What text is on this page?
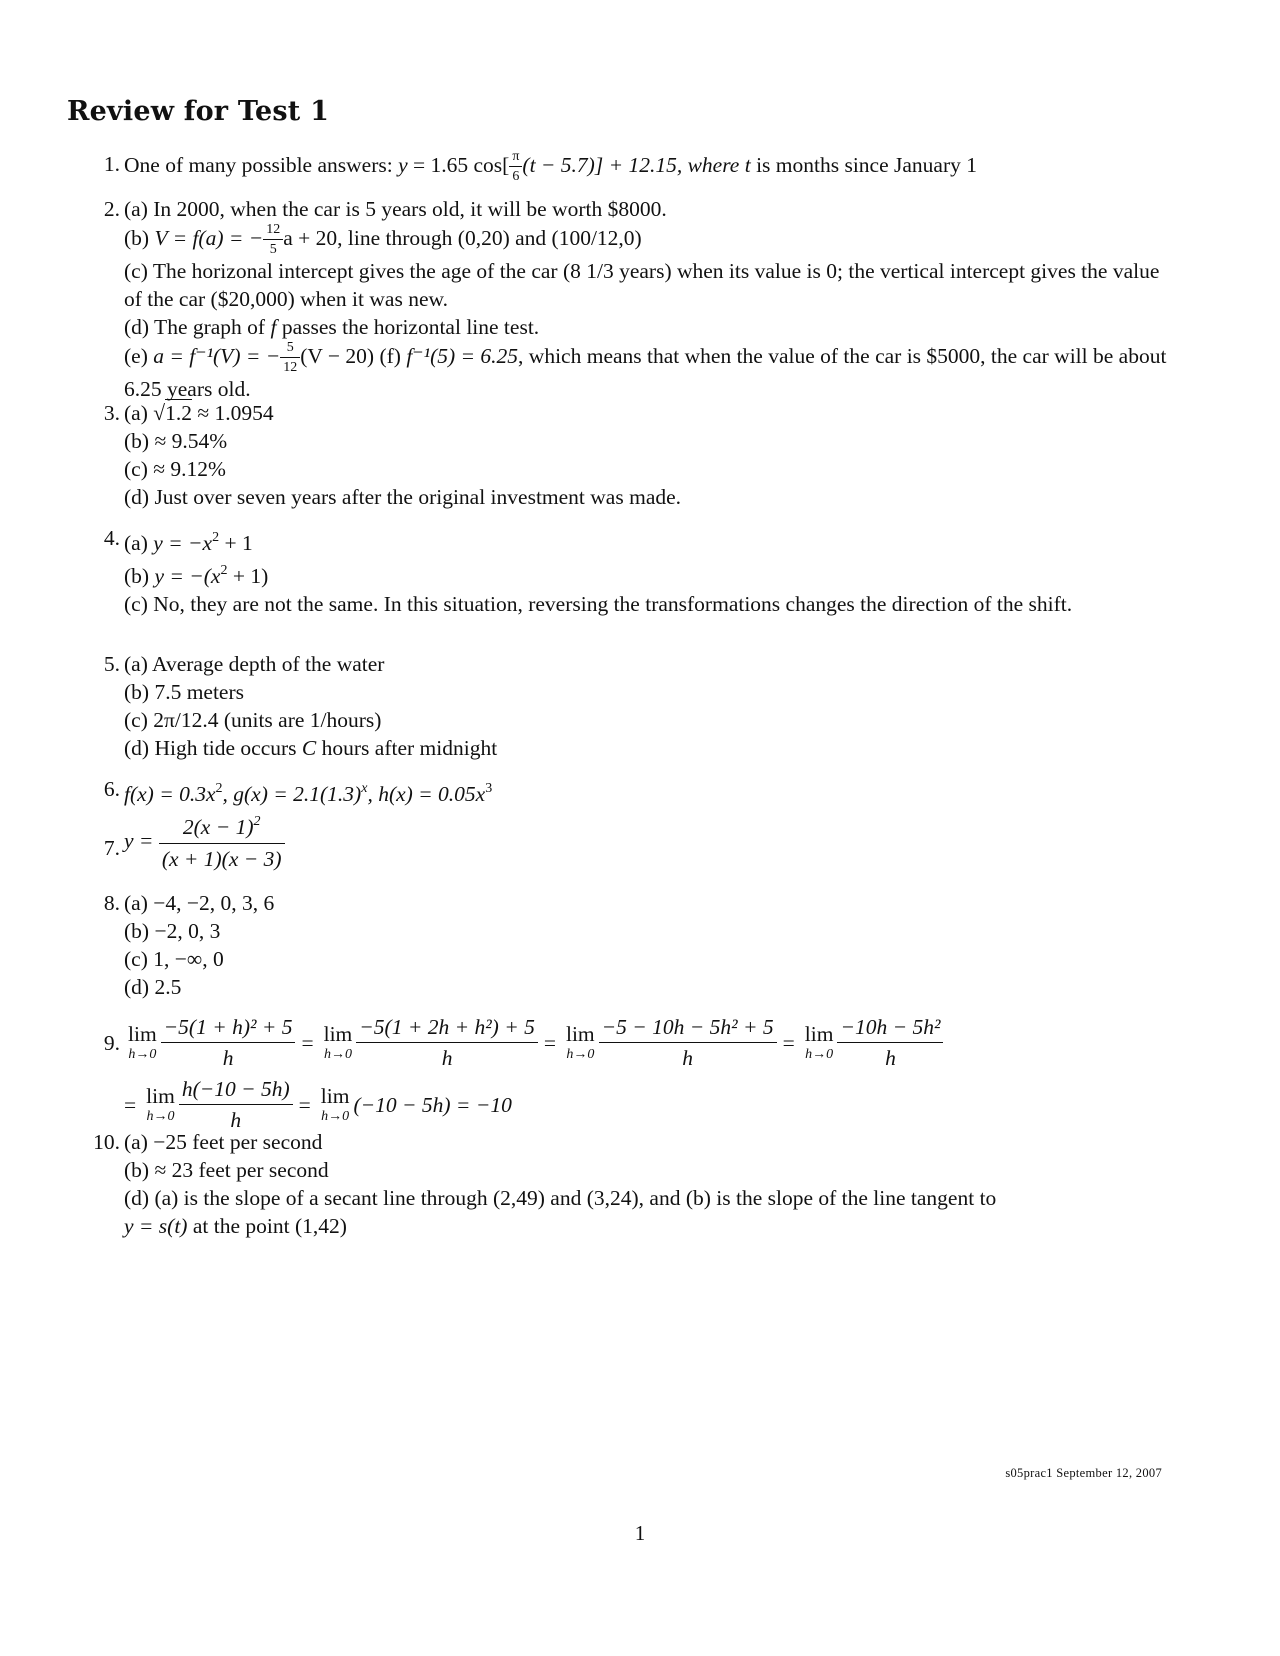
Review for Test 1
1. One of many possible answers: y = 1.65 $\cos[ \frac{\pi}{6} (t - 5.7)] + 12.15$, where t is months since January 1
2. (a) In 2000, when the car is 5 years old, it will be worth $8000.
(b) V = f(a) = − $\frac{12}{5}$ a + 20, line through (0,20) and (100/12,0)
(c) The horizonal intercept gives the age of the car (8 1/3 years) when its value is 0; the vertical intercept gives the value of the car ($20,000) when it was new.
(d) The graph of f passes the horizontal line test.
(e) a = f⁻¹(V) = − $\frac{5}{12} (V - 20)$ (f) f⁻¹(5) = 6.25, which means that when the value of the car is $5000, the car will be about 6.25 years old.
3. (a) √1.2 ≈ 1.0954
(b) ≈ 9.54%
(c) ≈ 9.12%
(d) Just over seven years after the original investment was made.
4. (a) $y = -x^2 + 1$
(b) $y = -(x^2 + 1)$
(c) No, they are not the same. In this situation, reversing the transformations changes the direction of the shift.
5. (a) Average depth of the water
(b) 7.5 meters
(c) 2π/12.4 (units are 1/hours)
(d) High tide occurs C hours after midnight
6. $f(x) = 0.3x^2$, $g(x) = 2.1(1.3)^x$, $h(x) = 0.05x^3$
7. $y = \frac{2(x - 1)^2}{(x + 1)(x - 3)}$
8. (a) −4, −2, 0, 3, 6
(b) −2, 0, 3
(c) 1, −∞, 0
(d) 2.5
9. lim
$h\to 0 \frac{\text{−5(1 + h)² + 5}}{h} = \lim$
$h\to 0 \frac{\text{−5(1 + 2h + h²) + 5}}{h} = \lim$
$h\to 0 \frac{\text{−5 − 10h − 5h² + 5}}{h} = \lim$
$h\to 0 \frac{\text{−10h − 5h²}}{h}$
= lim
$h\to 0 \frac{h(-10 - 5h)}{h} = \lim$
h→0 (−10 − 5h) = −10
10. (a) −25 feet per second
(b) ≈ 23 feet per second
(d) (a) is the slope of a secant line through (2,49) and (3,24), and (b) is the slope of the line tangent to
y = s(t) at the point (1,42)
s05prac1 September 12, 2007
1
